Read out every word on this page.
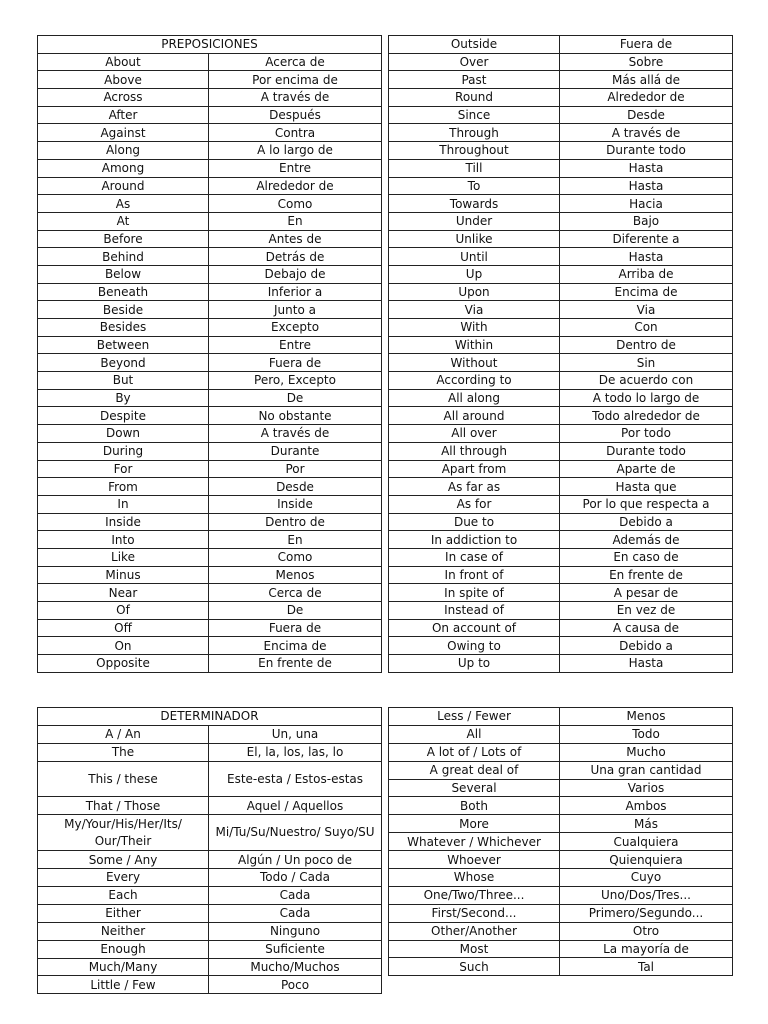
PREPOSICIONES	
About	Acerca de
Above	Por encima de
Across	A través de
After	Después
Against	Contra
Along	A lo largo de
Among	Entre
Around	Alrededor de
As	Como
At	En
Before	Antes de
Behind	Detrás de
Below	Debajo de
Beneath	Inferior a
Beside	Junto a
Besides	Excepto
Between	Entre
Beyond	Fuera de
But	Pero, Excepto
By	De
Despite	No obstante
Down	A través de
During	Durante
For	Por
From	Desde
In	Inside
Inside	Dentro de
Into	En
Like	Como
Minus	Menos
Near	Cerca de
Of	De
Off	Fuera de
On	Encima de
Opposite	En frente de
Outside	Fuera de
Over	Sobre
Past	Más allá de
Round	Alrededor de
Since	Desde
Through	A través de
Throughout	Durante todo
Till	Hasta
To	Hasta
Towards	Hacia
Under	Bajo
Unlike	Diferente a
Until	Hasta
Up	Arriba de
Upon	Encima de
Via	Via
With	Con
Within	Dentro de
Without	Sin
According to	De acuerdo con
All along	A todo lo largo de
All around	Todo alrededor de
All over	Por todo
All through	Durante todo
Apart from	Aparte de
As far as	Hasta que
As for	Por lo que respecta a
Due to	Debido a
In addiction to	Además de
In case of	En caso de
In front of	En frente de
In spite of	A pesar de
Instead of	En vez de
On account of	A causa de
Owing to	Debido a
Up to	Hasta
DETERMINADOR	
A / An	Un, una
The	El, la, los, las, lo
This / these	Este-esta / Estos-estas
That / Those	Aquel / Aquellos
My/Your/His/Her/Its/ Our/Their	Mi/Tu/Su/Nuestro/ Suyo/SU
Some / Any	Algún / Un poco de
Every	Todo / Cada
Each	Cada
Either	Cada
Neither	Ninguno
Enough	Suficiente
Much/Many	Mucho/Muchos
Little / Few	Poco
Less / Fewer	Menos
All	Todo
A lot of / Lots of	Mucho
A great deal of	Una gran cantidad
Several	Varios
Both	Ambos
More	Más
Whatever / Whichever	Cualquiera
Whoever	Quienquiera
Whose	Cuyo
One/Two/Three...	Uno/Dos/Tres...
First/Second...	Primero/Segundo...
Other/Another	Otro
Most	La mayoría de
Such	Tal
